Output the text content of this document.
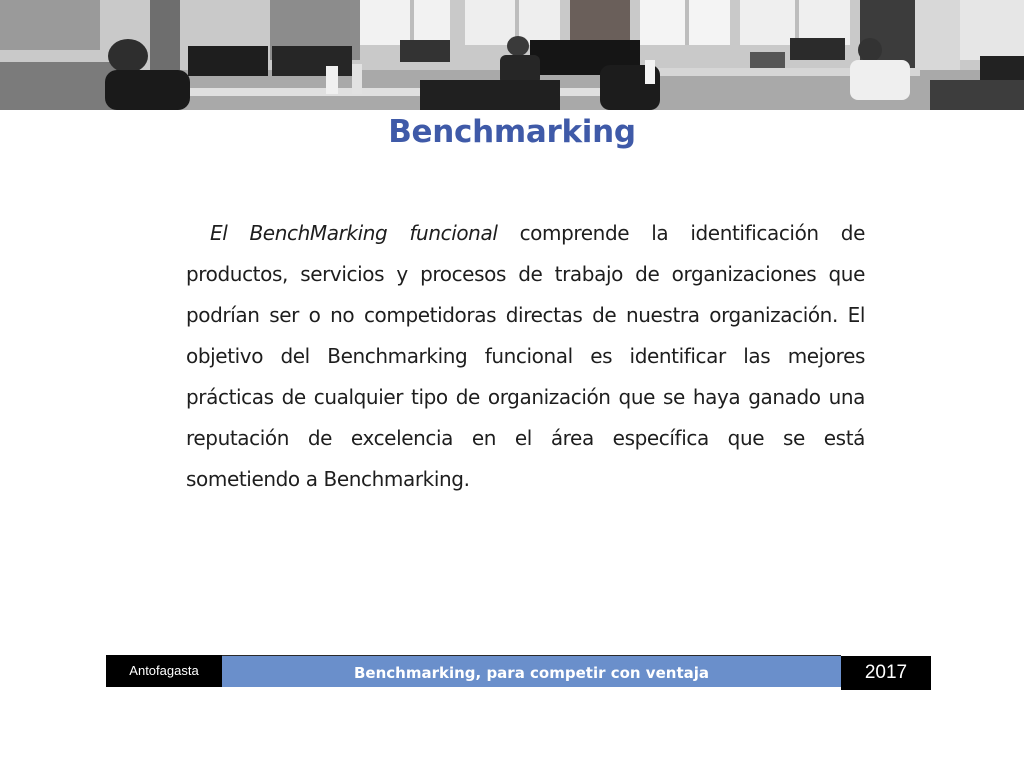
Benchmarking

El BenchMarking funcional comprende la identificación de productos, servicios y procesos de trabajo de organizaciones que podrían ser o no competidoras directas de nuestra organización. El objetivo del Benchmarking funcional es identificar las mejores prácticas de cualquier tipo de organización que se haya ganado una reputación de excelencia en el área específica que se está sometiendo a Benchmarking.

Antofagasta	Benchmarking, para competir con ventaja	2017
